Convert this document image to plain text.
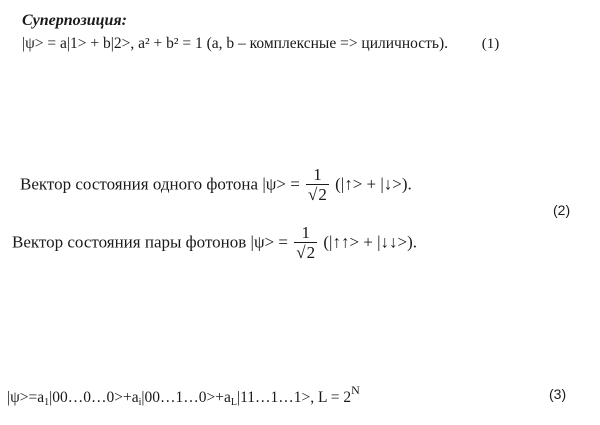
Суперпозиция:
|ψ> = a|1> + b|2>, a² + b² = 1 (a, b – комплексные => циличность). (1)
Вектор состояния одного фотона $|\psi> = \frac{1}{√2}$ (|↑> + |↓>).
(2)
Вектор состояния пары фотонов $|\psi> = \frac{1}{√2}$ (|↑↑> + |↓↓>).
$|\psi>=a_1|00\dots 0\dots 0>+a_i|00\dots 1\dots 0>+a_L|11\dots 1\dots 1>$, $L = 2^N$	(3)
